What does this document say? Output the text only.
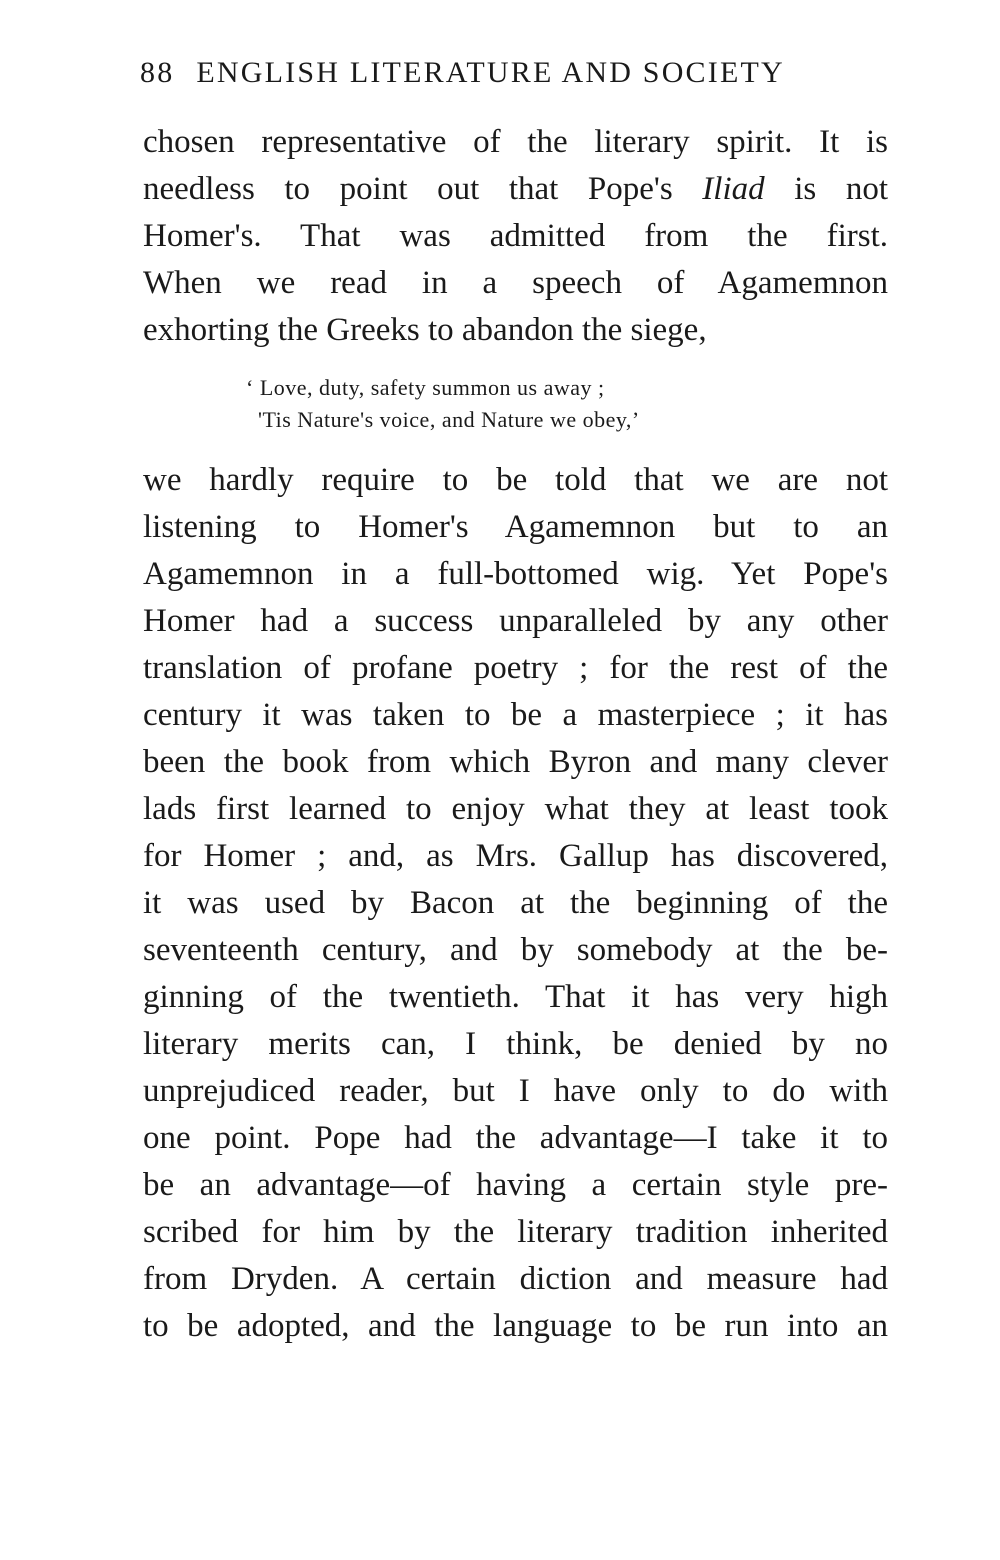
88 ENGLISH LITERATURE AND SOCIETY
chosen representative of the literary spirit. It is
needless to point out that Pope's Iliad is not
Homer's. That was admitted from the first.
When we read in a speech of Agamemnon
exhorting the Greeks to abandon the siege,
‘ Love, duty, safety summon us away ;
'Tis Nature's voice, and Nature we obey,’
we hardly require to be told that we are not
listening to Homer's Agamemnon but to an
Agamemnon in a full-bottomed wig. Yet Pope's
Homer had a success unparalleled by any other
translation of profane poetry ; for the rest of the
century it was taken to be a masterpiece ; it has
been the book from which Byron and many clever
lads first learned to enjoy what they at least took
for Homer ; and, as Mrs. Gallup has discovered,
it was used by Bacon at the beginning of the
seventeenth century, and by somebody at the be-
ginning of the twentieth. That it has very high
literary merits can, I think, be denied by no
unprejudiced reader, but I have only to do with
one point. Pope had the advantage—I take it to
be an advantage—of having a certain style pre-
scribed for him by the literary tradition inherited
from Dryden. A certain diction and measure had
to be adopted, and the language to be run into an
